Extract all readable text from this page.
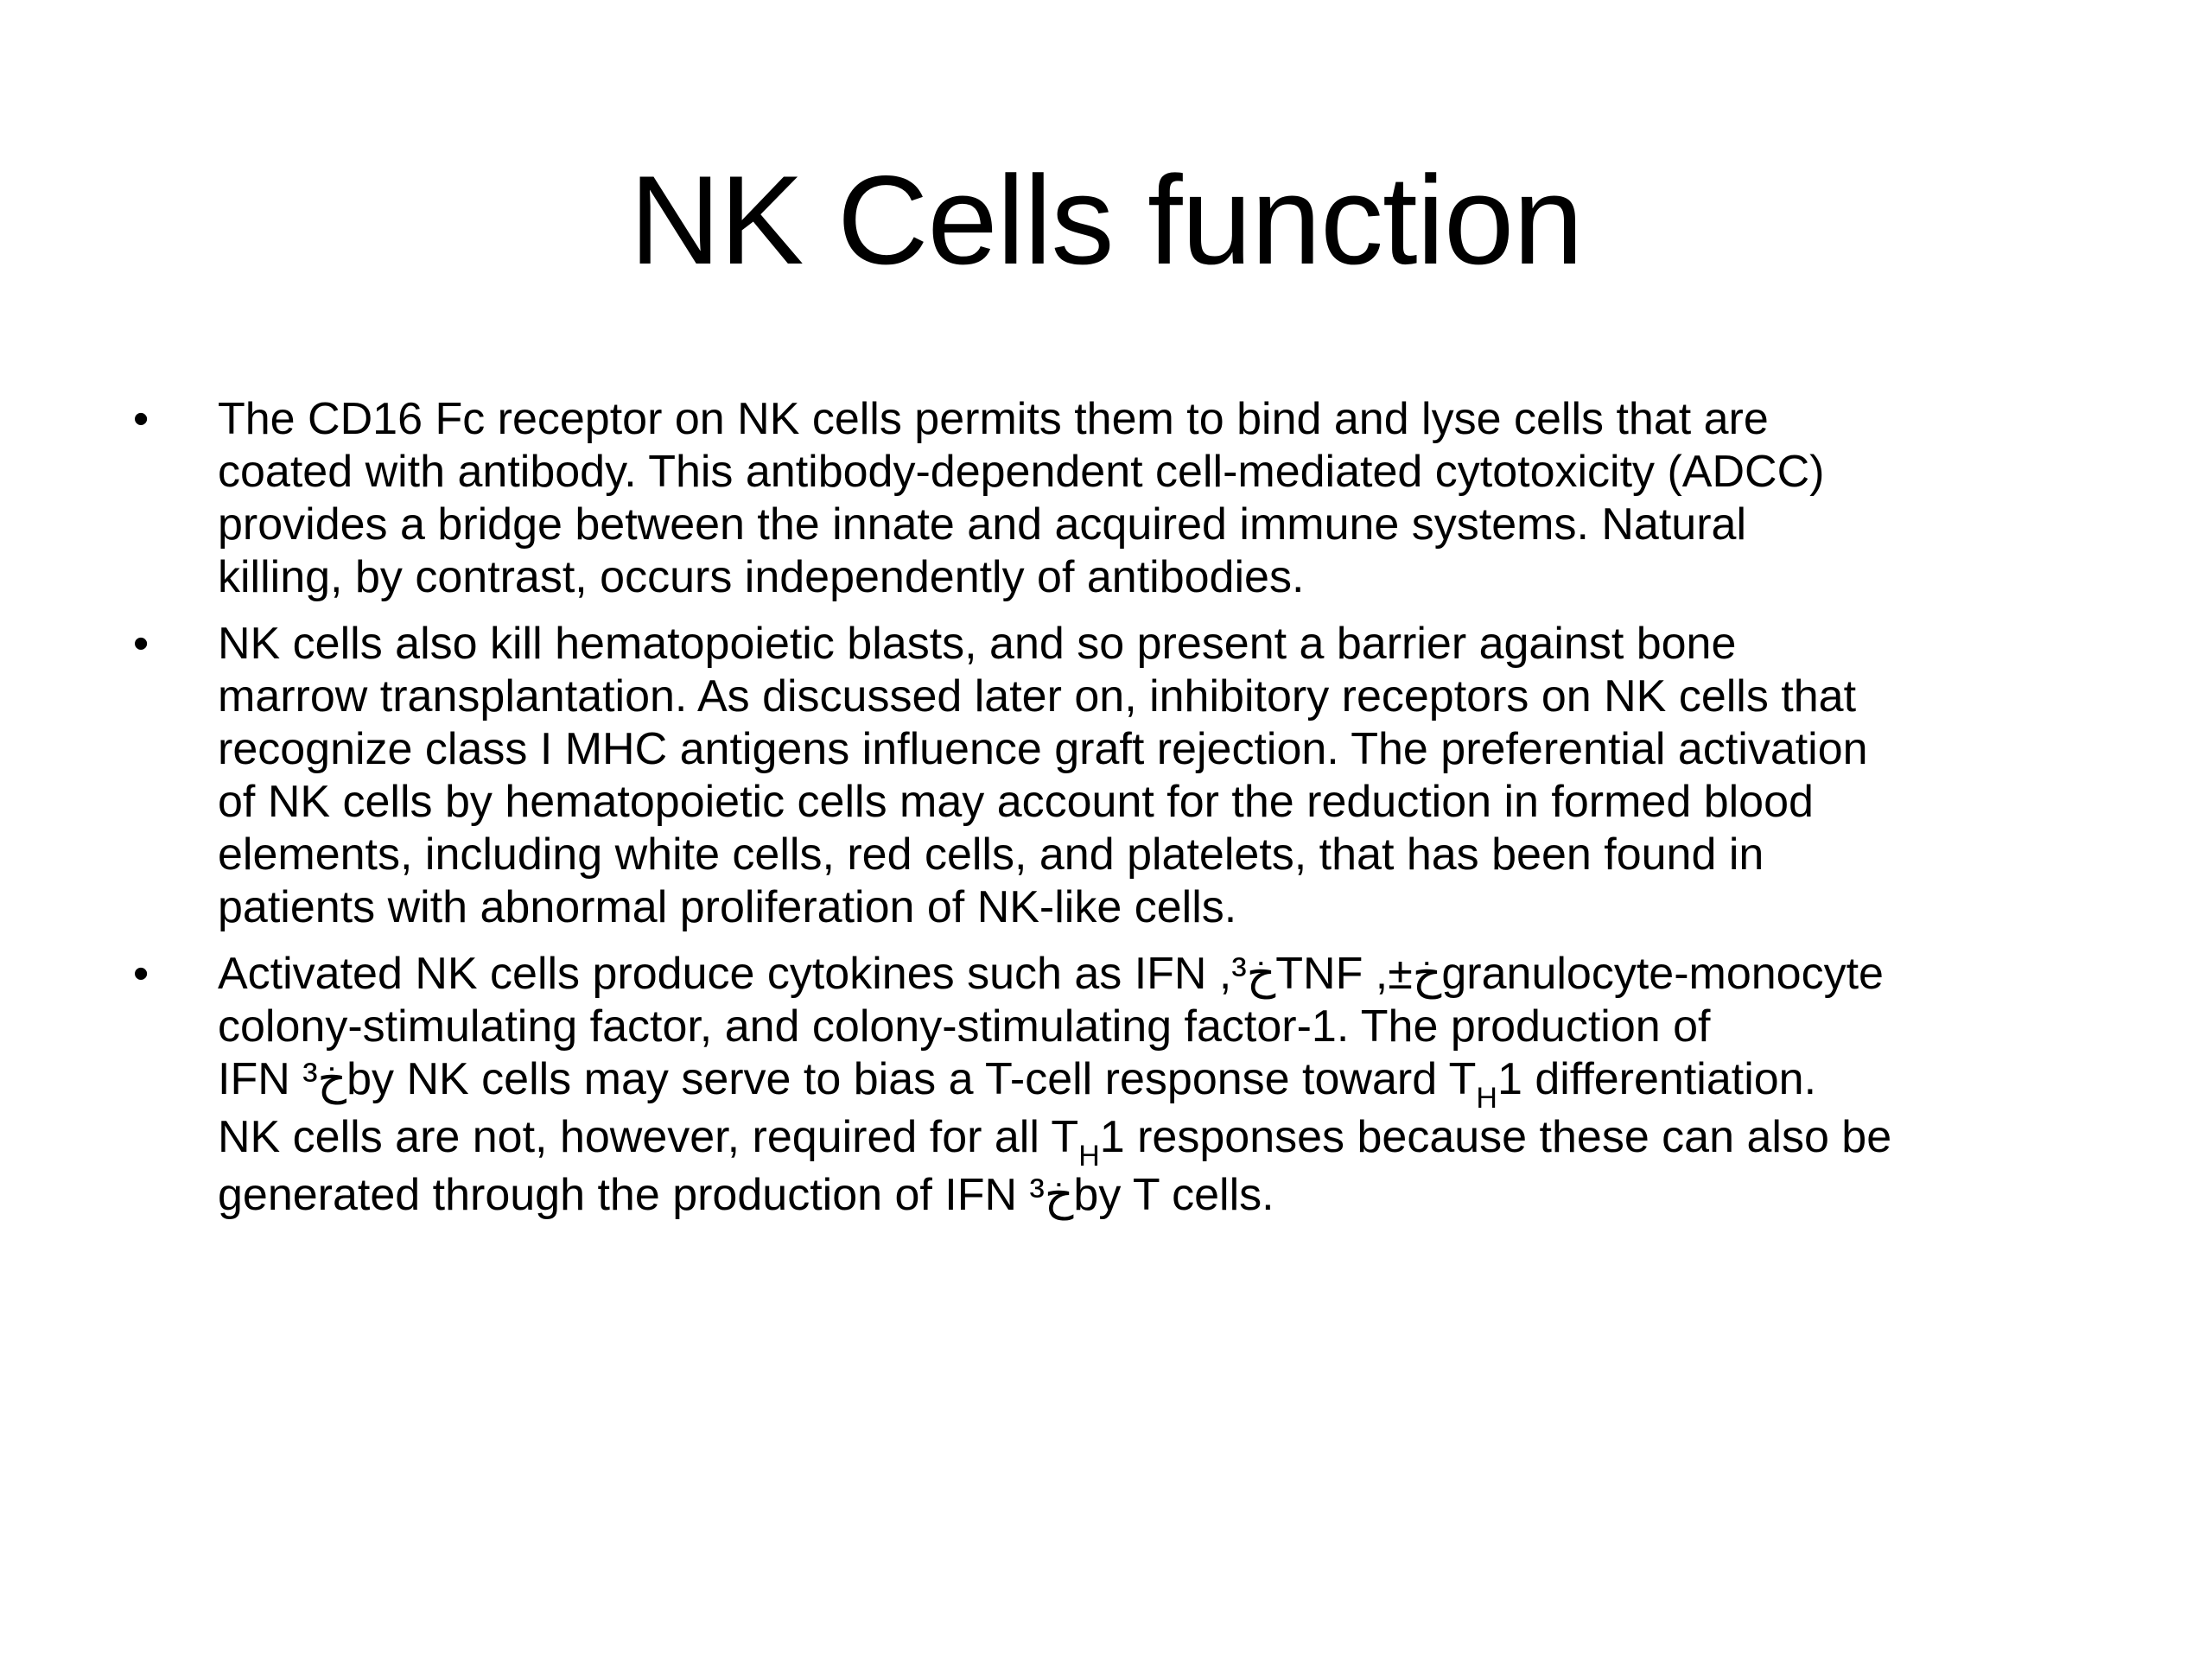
NK Cells function
• The CD16 Fc receptor on NK cells permits them to bind and lyse cells that are
coated with antibody. This antibody-dependent cell-mediated cytotoxicity (ADCC)
provides a bridge between the innate and acquired immune systems. Natural
killing, by contrast, occurs independently of antibodies.
• NK cells also kill hematopoietic blasts, and so present a barrier against bone
marrow transplantation. As discussed later on, inhibitory receptors on NK cells that
recognize class I MHC antigens influence graft rejection. The preferential activation
of NK cells by hematopoietic cells may account for the reduction in formed blood
elements, including white cells, red cells, and platelets, that has been found in
patients with abnormal proliferation of NK-like cells.
• Activated NK cells produce cytokines such as IFN ,³خTNF ,±خgranulocyte-monocyte
colony-stimulating factor, and colony-stimulating factor-1. The production of
IFN ³خby NK cells may serve to bias a T-cell response toward $T_H1$ differentiation.
NK cells are not, however, required for all $T_H1$ responses because these can also be
generated through the production of IFN ³خby T cells.
